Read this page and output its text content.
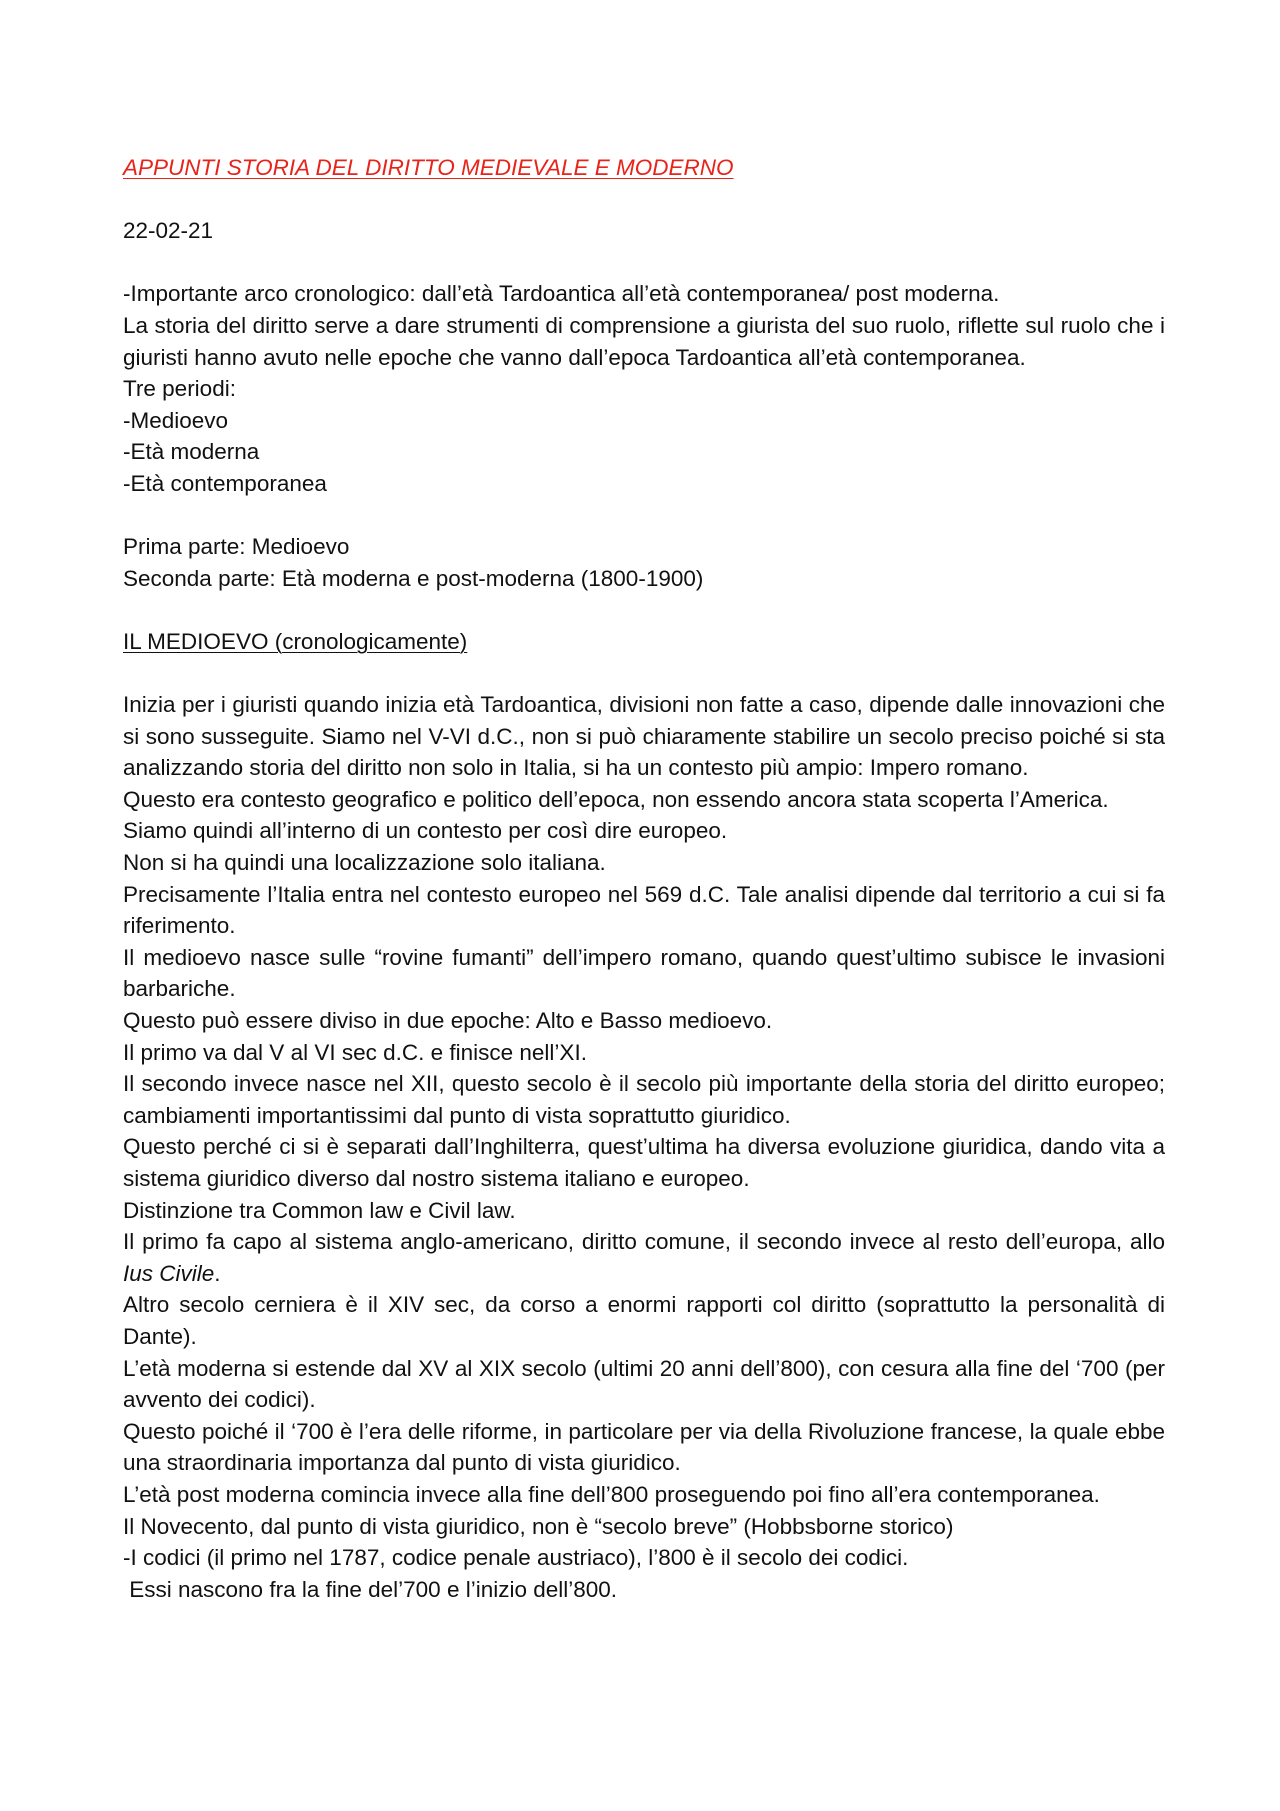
APPUNTI STORIA DEL DIRITTO MEDIEVALE E MODERNO

22-02-21

-Importante arco cronologico: dall’età Tardoantica all’età contemporanea/ post moderna.

La storia del diritto serve a dare strumenti di comprensione a giurista del suo ruolo, riflette sul ruolo che i giuristi hanno avuto nelle epoche che vanno dall’epoca Tardoantica all’età contemporanea.

Tre periodi:

-Medioevo

-Età moderna

-Età contemporanea

Prima parte: Medioevo

Seconda parte: Età moderna e post-moderna (1800-1900)

IL MEDIOEVO (cronologicamente)

Inizia per i giuristi quando inizia età Tardoantica, divisioni non fatte a caso, dipende dalle innovazioni che si sono susseguite. Siamo nel V-VI d.C., non si può chiaramente stabilire un secolo preciso poiché si sta analizzando storia del diritto non solo in Italia, si ha un contesto più ampio: Impero romano.

Questo era contesto geografico e politico dell’epoca, non essendo ancora stata scoperta l’America.

Siamo quindi all’interno di un contesto per così dire europeo.

Non si ha quindi una localizzazione solo italiana.

Precisamente l’Italia entra nel contesto europeo nel 569 d.C. Tale analisi dipende dal territorio a cui si fa riferimento.

Il medioevo nasce sulle “rovine fumanti” dell’impero romano, quando quest’ultimo subisce le invasioni barbariche.

Questo può essere diviso in due epoche: Alto e Basso medioevo.

Il primo va dal V al VI sec d.C. e finisce nell’XI.

Il secondo invece nasce nel XII, questo secolo è il secolo più importante della storia del diritto europeo; cambiamenti importantissimi dal punto di vista soprattutto giuridico.

Questo perché ci si è separati dall’Inghilterra, quest’ultima ha diversa evoluzione giuridica, dando vita a sistema giuridico diverso dal nostro sistema italiano e europeo.

Distinzione tra Common law e Civil law.

Il primo fa capo al sistema anglo-americano, diritto comune, il secondo invece al resto dell’europa, allo Ius Civile.

Altro secolo cerniera è il XIV sec, da corso a enormi rapporti col diritto (soprattutto la personalità di Dante).

L’età moderna si estende dal XV al XIX secolo (ultimi 20 anni dell’800), con cesura alla fine del ‘700 (per avvento dei codici).

Questo poiché il ‘700 è l’era delle riforme, in particolare per via della Rivoluzione francese, la quale ebbe una straordinaria importanza dal punto di vista giuridico.

L’età post moderna comincia invece alla fine dell’800 proseguendo poi fino all’era contemporanea.

Il Novecento, dal punto di vista giuridico, non è “secolo breve” (Hobbsborne storico)

-I codici (il primo nel 1787, codice penale austriaco), l’800 è il secolo dei codici.

Essi nascono fra la fine del’700 e l’inizio dell’800.
